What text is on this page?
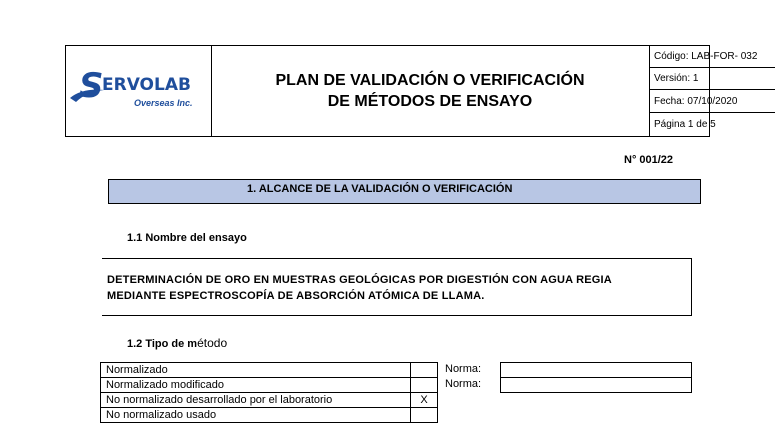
S ERVOLAB
Overseas Inc.
PLAN DE VALIDACIÓN O VERIFICACIÓN
DE MÉTODOS DE ENSAYO
Código: LAB-FOR- 032
Versión: 1
Fecha: 07/10/2020
Página 1 de 5
N° 001/22
1. ALCANCE DE LA VALIDACIÓN O VERIFICACIÓN
1.1 Nombre del ensayo
DETERMINACIÓN DE ORO EN MUESTRAS GEOLÓGICAS POR DIGESTIÓN CON AGUA REGIA
MEDIANTE ESPECTROSCOPÍA DE ABSORCIÓN ATÓMICA DE LLAMA.
1.2 Tipo de método
Normalizado	
Normalizado modificado	
No normalizado desarrollado por el laboratorio	X
No normalizado usado	
Norma:
Norma:
